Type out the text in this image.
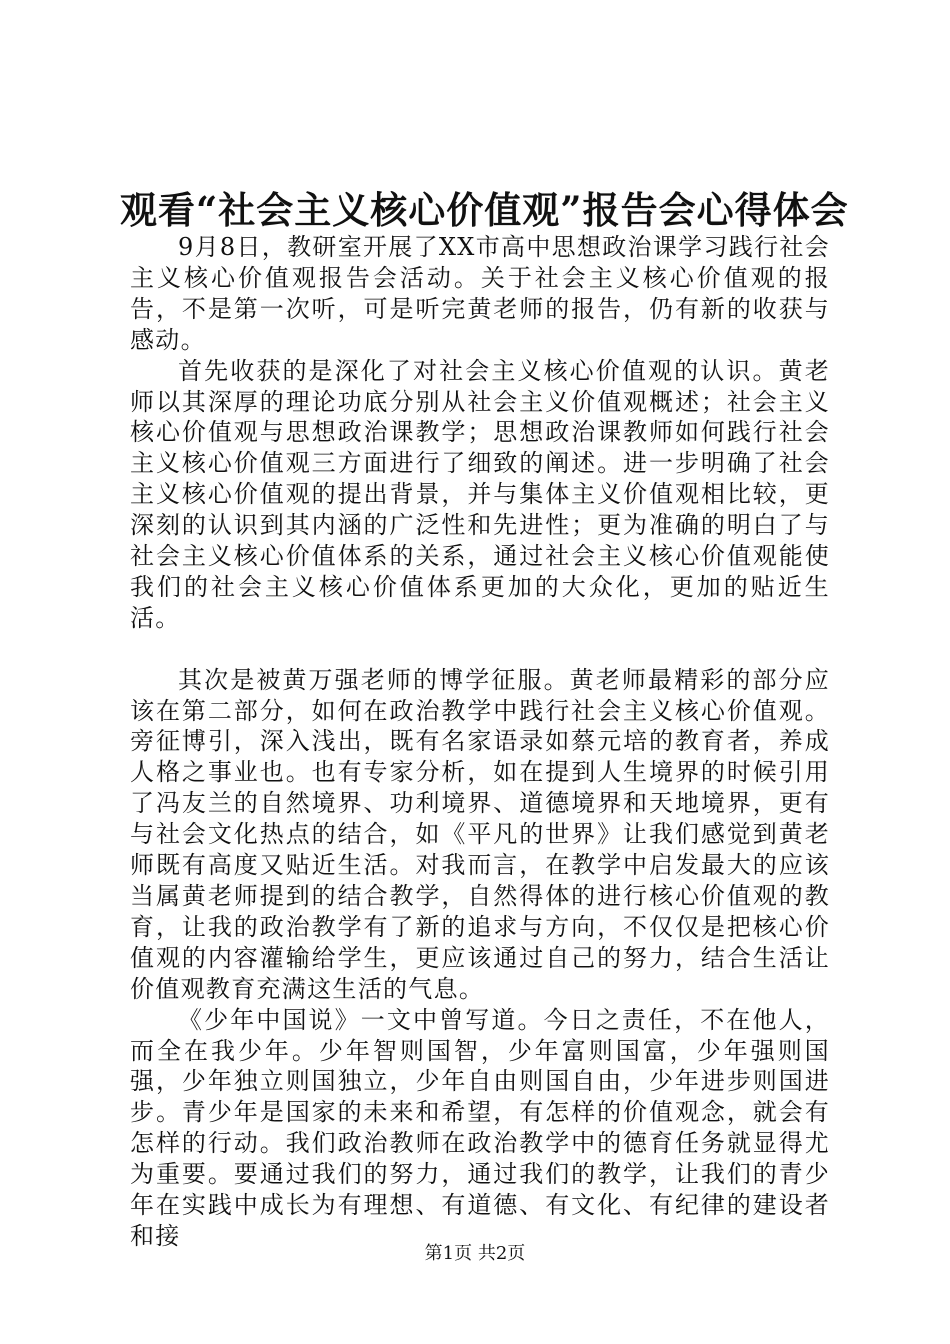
观看“社会主义核心价值观”报告会心得体会

9月8日，教研室开展了XX市高中思想政治课学习践行社会主义核心价值观报告会活动。关于社会主义核心价值观的报告，不是第一次听，可是听完黄老师的报告，仍有新的收获与感动。

首先收获的是深化了对社会主义核心价值观的认识。黄老师以其深厚的理论功底分别从社会主义价值观概述；社会主义核心价值观与思想政治课教学；思想政治课教师如何践行社会主义核心价值观三方面进行了细致的阐述。进一步明确了社会主义核心价值观的提出背景，并与集体主义价值观相比较，更深刻的认识到其内涵的广泛性和先进性；更为准确的明白了与社会主义核心价值体系的关系，通过社会主义核心价值观能使我们的社会主义核心价值体系更加的大众化，更加的贴近生活。

其次是被黄万强老师的博学征服。黄老师最精彩的部分应该在第二部分，如何在政治教学中践行社会主义核心价值观。旁征博引，深入浅出，既有名家语录如蔡元培的教育者，养成人格之事业也。也有专家分析，如在提到人生境界的时候引用了冯友兰的自然境界、功利境界、道德境界和天地境界，更有与社会文化热点的结合，如《平凡的世界》让我们感觉到黄老师既有高度又贴近生活。对我而言，在教学中启发最大的应该当属黄老师提到的结合教学，自然得体的进行核心价值观的教育，让我的政治教学有了新的追求与方向，不仅仅是把核心价值观的内容灌输给学生，更应该通过自己的努力，结合生活让价值观教育充满这生活的气息。

《少年中国说》一文中曾写道。今日之责任，不在他人，而全在我少年。少年智则国智，少年富则国富，少年强则国强，少年独立则国独立，少年自由则国自由，少年进步则国进步。青少年是国家的未来和希望，有怎样的价值观念，就会有怎样的行动。我们政治教师在政治教学中的德育任务就显得尤为重要。要通过我们的努力，通过我们的教学，让我们的青少年在实践中成长为有理想、有道德、有文化、有纪律的建设者和接

第1页 共2页
